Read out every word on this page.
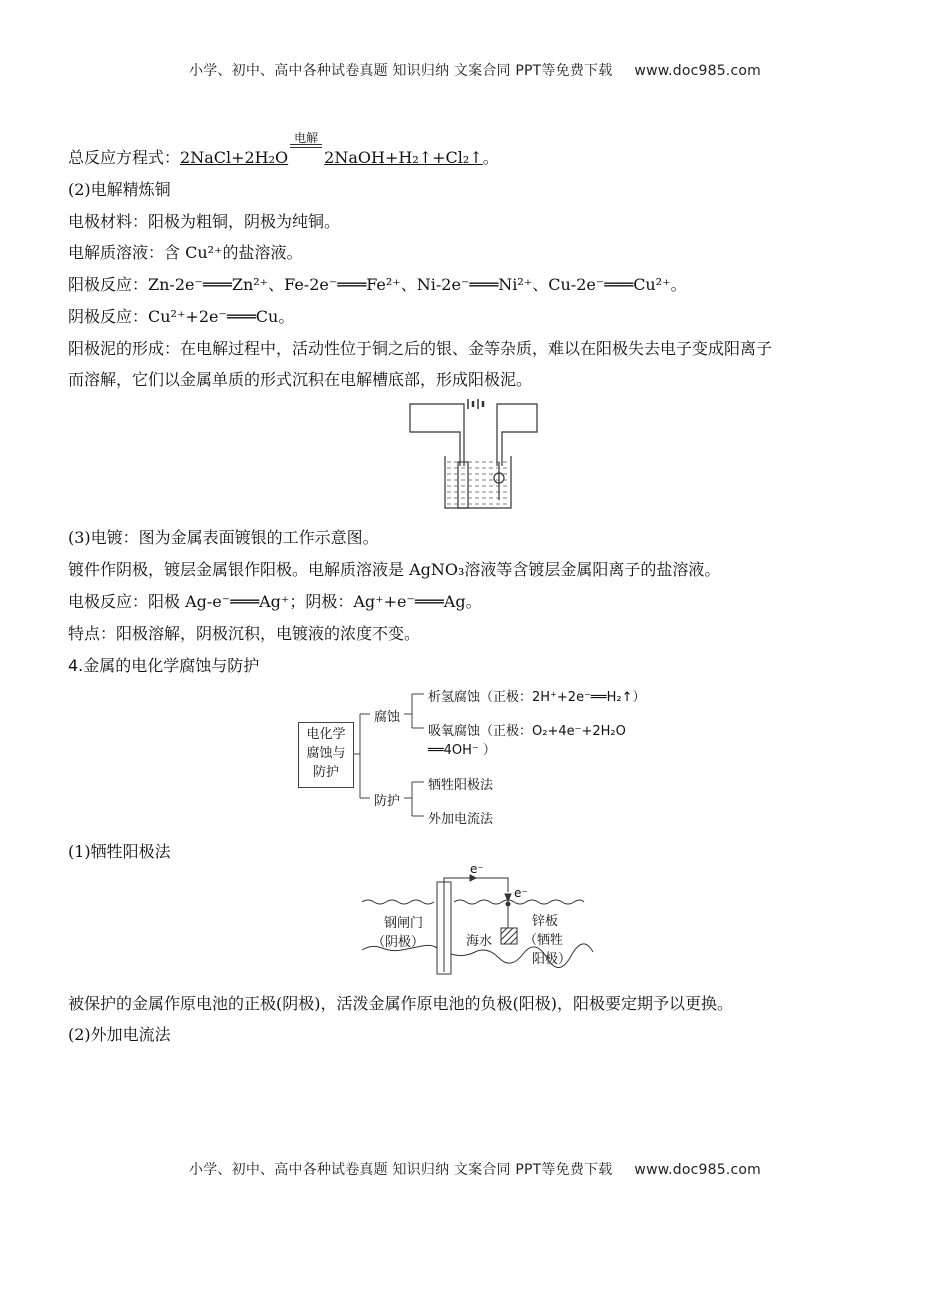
小学、初中、高中各种试卷真题 知识归纳 文案合同 PPT等免费下载 www.doc985.com
总反应方程式：2NaCl+2H₂O
电解
2NaOH+H₂↑+Cl₂↑。
(2)电解精炼铜
电极材料：阳极为粗铜，阴极为纯铜。
电解质溶液：含 Cu²⁺的盐溶液。
阳极反应：Zn-2e⁻═══Zn²⁺、Fe-2e⁻═══Fe²⁺、Ni-2e⁻═══Ni²⁺、Cu-2e⁻═══Cu²⁺。
阴极反应：Cu²⁺+2e⁻═══Cu。
阳极泥的形成：在电解过程中，活动性位于铜之后的银、金等杂质，难以在阳极失去电子变成阳离子
而溶解，它们以金属单质的形式沉积在电解槽底部，形成阳极泥。
(3)电镀：图为金属表面镀银的工作示意图。
镀件作阴极，镀层金属银作阳极。电解质溶液是 AgNO₃溶液等含镀层金属阳离子的盐溶液。
电极反应：阳极 Ag-e⁻═══Ag⁺；阴极：Ag⁺+e⁻═══Ag。
特点：阳极溶解，阴极沉积，电镀液的浓度不变。
4.金属的电化学腐蚀与防护
电化学
腐蚀与
防护
腐蚀
防护
析氢腐蚀（正极：2H⁺+2e⁻══H₂↑）
吸氧腐蚀（正极：O₂+4e⁻+2H₂O
══4OH⁻ ）
牺牲阳极法
外加电流法
(1)牺牲阳极法
e⁻
e⁻
钢闸门
（阴极）	海水
锌板
（牺牲
阳极）
被保护的金属作原电池的正极(阴极)，活泼金属作原电池的负极(阳极)，阳极要定期予以更换。
(2)外加电流法
小学、初中、高中各种试卷真题 知识归纳 文案合同 PPT等免费下载 www.doc985.com
